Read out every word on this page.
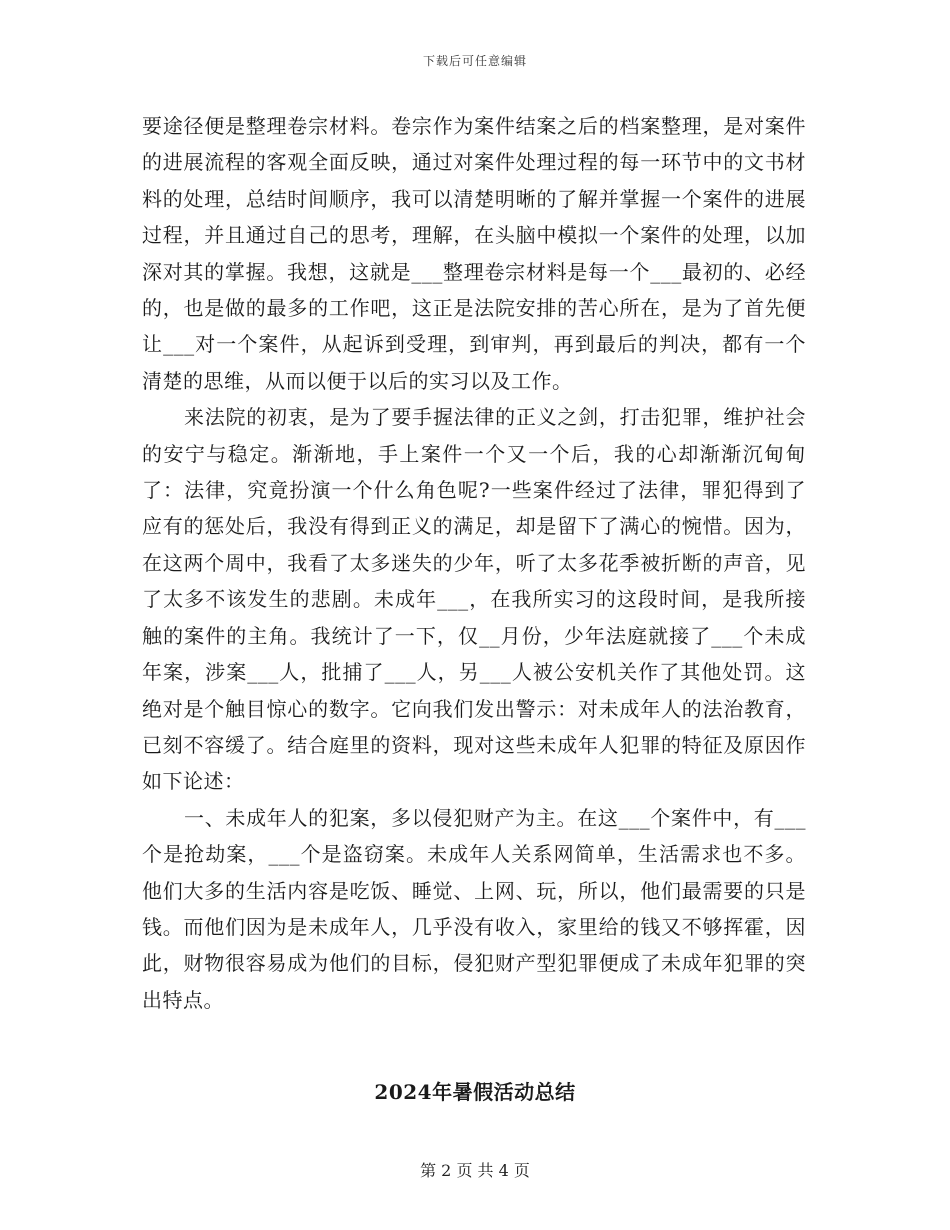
下载后可任意编辑

要途径便是整理卷宗材料。卷宗作为案件结案之后的档案整理，是对案件的进展流程的客观全面反映，通过对案件处理过程的每一环节中的文书材料的处理，总结时间顺序，我可以清楚明晰的了解并掌握一个案件的进展过程，并且通过自己的思考，理解，在头脑中模拟一个案件的处理，以加深对其的掌握。我想，这就是___整理卷宗材料是每一个___最初的、必经的，也是做的最多的工作吧，这正是法院安排的苦心所在，是为了首先便让___对一个案件，从起诉到受理，到审判，再到最后的判决，都有一个清楚的思维，从而以便于以后的实习以及工作。

来法院的初衷，是为了要手握法律的正义之剑，打击犯罪，维护社会的安宁与稳定。渐渐地，手上案件一个又一个后，我的心却渐渐沉甸甸了：法律，究竟扮演一个什么角色呢?一些案件经过了法律，罪犯得到了应有的惩处后，我没有得到正义的满足，却是留下了满心的惋惜。因为，在这两个周中，我看了太多迷失的少年，听了太多花季被折断的声音，见了太多不该发生的悲剧。未成年___，在我所实习的这段时间，是我所接触的案件的主角。我统计了一下，仅__月份，少年法庭就接了___个未成年案，涉案___人，批捕了___人，另___人被公安机关作了其他处罚。这绝对是个触目惊心的数字。它向我们发出警示：对未成年人的法治教育，已刻不容缓了。结合庭里的资料，现对这些未成年人犯罪的特征及原因作如下论述：

一、未成年人的犯案，多以侵犯财产为主。在这___个案件中，有___个是抢劫案，___个是盗窃案。未成年人关系网简单，生活需求也不多。他们大多的生活内容是吃饭、睡觉、上网、玩，所以，他们最需要的只是钱。而他们因为是未成年人，几乎没有收入，家里给的钱又不够挥霍，因此，财物很容易成为他们的目标，侵犯财产型犯罪便成了未成年犯罪的突出特点。

2024年暑假活动总结
第 2 页 共 4 页
